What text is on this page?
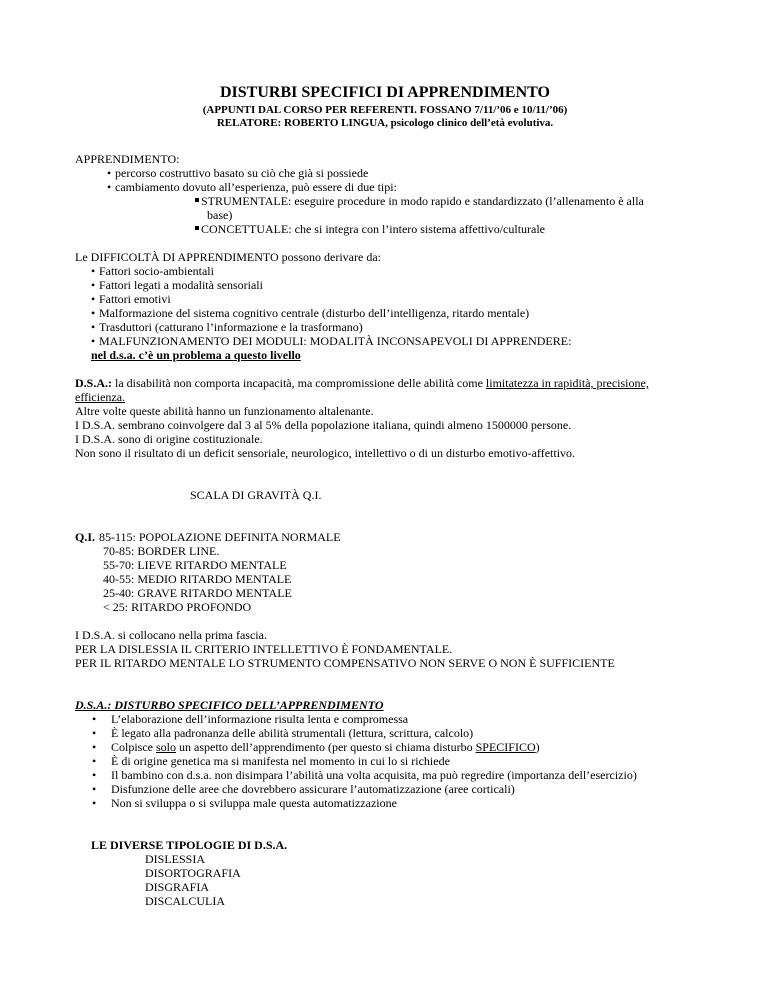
DISTURBI SPECIFICI DI APPRENDIMENTO
(APPUNTI DAL CORSO PER REFERENTI. FOSSANO 7/11/’06 e 10/11/’06)
RELATORE: ROBERTO LINGUA, psicologo clinico dell’età evolutiva.
APPRENDIMENTO:
• percorso costruttivo basato su ciò che già si possiede
• cambiamento dovuto all’esperienza, può essere di due tipi:
STRUMENTALE: eseguire procedure in modo rapido e standardizzato (l’allenamento è alla
base)
CONCETTUALE: che si integra con l’intero sistema affettivo/culturale
Le DIFFICOLTÀ DI APPRENDIMENTO possono derivare da:
• Fattori socio-ambientali
• Fattori legati a modalità sensoriali
• Fattori emotivi
• Malformazione del sistema cognitivo centrale (disturbo dell’intelligenza, ritardo mentale)
• Trasduttori (catturano l’informazione e la trasformano)
• MALFUNZIONAMENTO DEI MODULI: MODALITÀ INCONSAPEVOLI DI APPRENDERE:
nel d.s.a. c’è un problema a questo livello
D.S.A.: la disabilità non comporta incapacità, ma compromissione delle abilità come limitatezza in rapidità, precisione, efficienza.
Altre volte queste abilità hanno un funzionamento altalenante.
I D.S.A. sembrano coinvolgere dal 3 al 5% della popolazione italiana, quindi almeno 1500000 persone.
I D.S.A. sono di origine costituzionale.
Non sono il risultato di un deficit sensoriale, neurologico, intellettivo o di un disturbo emotivo-affettivo.
SCALA DI GRAVITÀ Q.I.
Q.I. 85-115: POPOLAZIONE DEFINITA NORMALE
70-85: BORDER LINE.
55-70: LIEVE RITARDO MENTALE
40-55: MEDIO RITARDO MENTALE
25-40: GRAVE RITARDO MENTALE
< 25: RITARDO PROFONDO
I D.S.A. si collocano nella prima fascia.
PER LA DISLESSIA IL CRITERIO INTELLETTIVO È FONDAMENTALE.
PER IL RITARDO MENTALE LO STRUMENTO COMPENSATIVO NON SERVE O NON È SUFFICIENTE
D.S.A.: DISTURBO SPECIFICO DELL’APPRENDIMENTO
• L’elaborazione dell’informazione risulta lenta e compromessa
• È legato alla padronanza delle abilità strumentali (lettura, scrittura, calcolo)
• Colpisce solo un aspetto dell’apprendimento (per questo si chiama disturbo SPECIFICO)
• È di origine genetica ma si manifesta nel momento in cui lo si richiede
• Il bambino con d.s.a. non disimpara l’abilità una volta acquisita, ma può regredire (importanza dell’esercizio)
• Disfunzione delle aree che dovrebbero assicurare l’automatizzazione (aree corticali)
• Non si sviluppa o si sviluppa male questa automatizzazione
LE DIVERSE TIPOLOGIE DI D.S.A.
DISLESSIA
DISORTOGRAFIA
DISGRAFIA
DISCALCULIA
